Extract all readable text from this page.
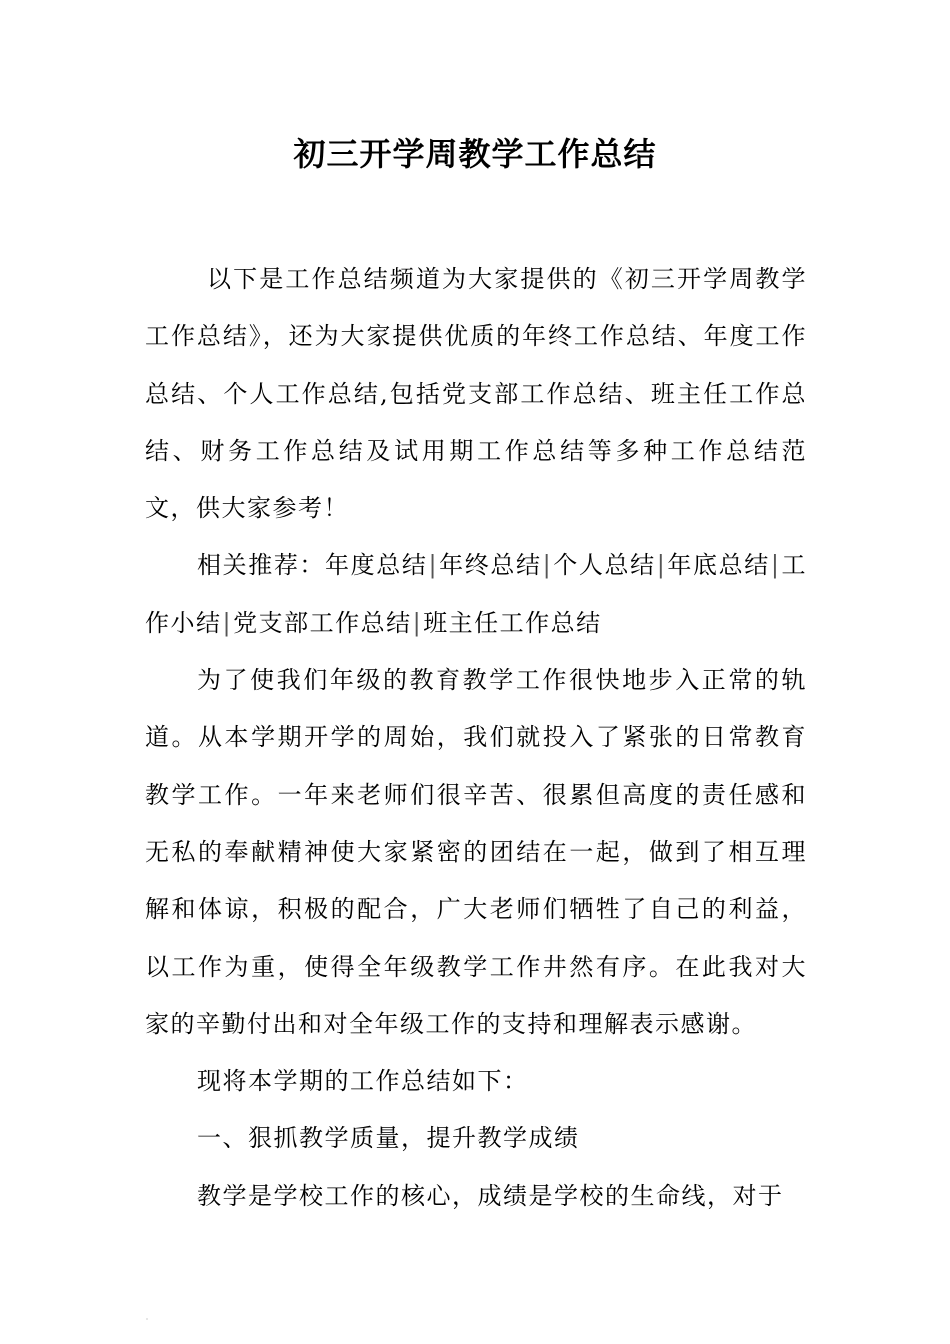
初三开学周教学工作总结

以下是工作总结频道为大家提供的《初三开学周教学工作总结》，还为大家提供优质的年终工作总结、年度工作总结、个人工作总结,包括党支部工作总结、班主任工作总结、财务工作总结及试用期工作总结等多种工作总结范文，供大家参考！

相关推荐：年度总结|年终总结|个人总结|年底总结|工作小结|党支部工作总结|班主任工作总结

为了使我们年级的教育教学工作很快地步入正常的轨道。从本学期开学的周始，我们就投入了紧张的日常教育教学工作。一年来老师们很辛苦、很累但高度的责任感和无私的奉献精神使大家紧密的团结在一起，做到了相互理解和体谅，积极的配合，广大老师们牺牲了自己的利益，以工作为重，使得全年级教学工作井然有序。在此我对大家的辛勤付出和对全年级工作的支持和理解表示感谢。

现将本学期的工作总结如下：

一、狠抓教学质量，提升教学成绩

教学是学校工作的核心，成绩是学校的生命线，对于
